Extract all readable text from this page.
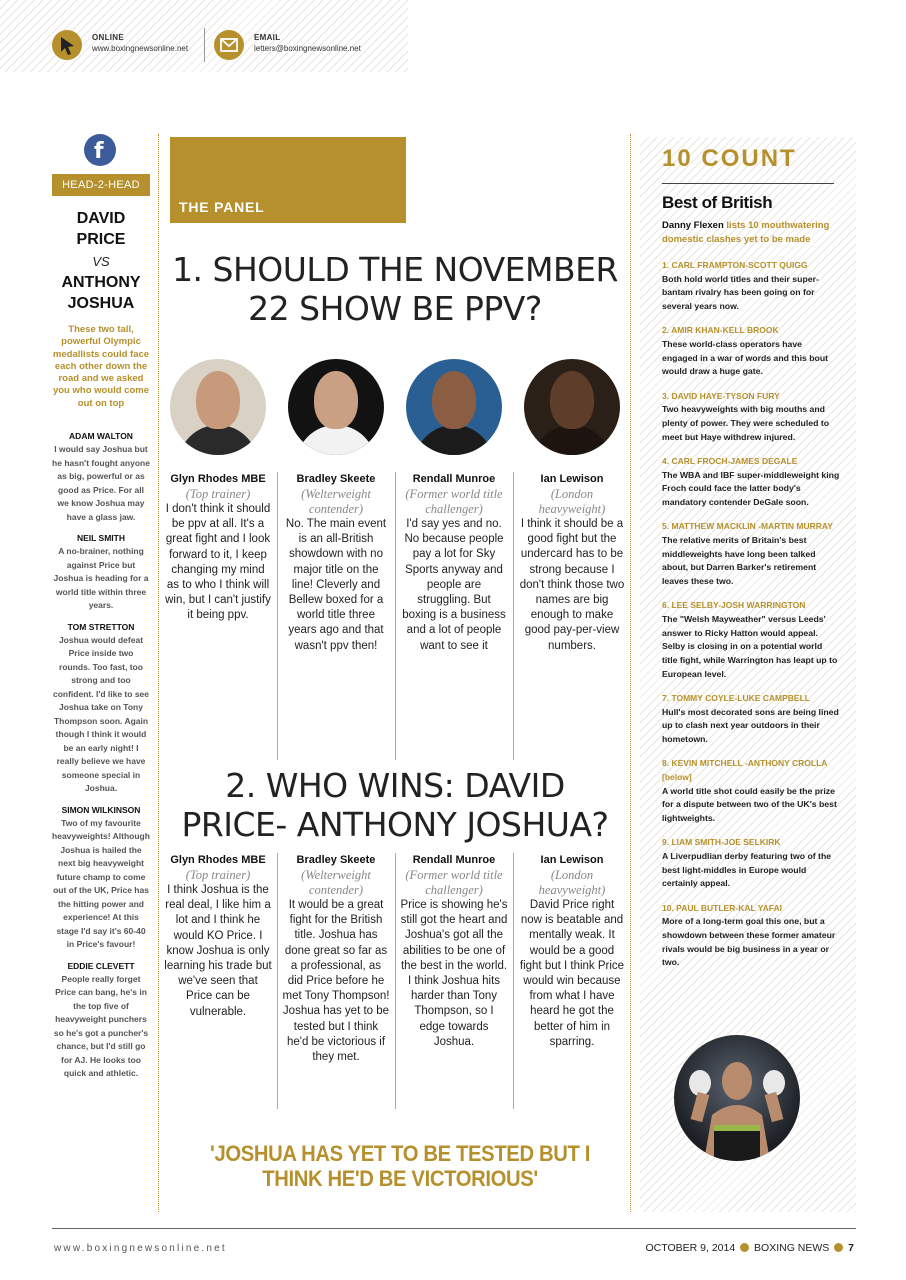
ONLINE
www.boxingnewsonline.net
EMAIL
letters@boxingnewsonline.net
f
HEAD-2-HEAD
DAVID PRICE
VS
ANTHONY JOSHUA
These two tall, powerful Olympic medallists could face each other down the road and we asked you who would come out on top
ADAM WALTON
I would say Joshua but he hasn't fought anyone as big, powerful or as good as Price. For all we know Joshua may have a glass jaw.
NEIL SMITH
A no-brainer, nothing against Price but Joshua is heading for a world title within three years.
TOM STRETTON
Joshua would defeat Price inside two rounds. Too fast, too strong and too confident. I'd like to see Joshua take on Tony Thompson soon. Again though I think it would be an early night! I really believe we have someone special in Joshua.
SIMON WILKINSON
Two of my favourite heavyweights! Although Joshua is hailed the next big heavyweight future champ to come out of the UK, Price has the hitting power and experience! At this stage I'd say it's 60-40 in Price's favour!
EDDIE CLEVETT
People really forget Price can bang, he's in the top five of heavyweight punchers so he's got a puncher's chance, but I'd still go for AJ. He looks too quick and athletic.
THE PANEL
1. SHOULD THE NOVEMBER 22 SHOW BE PPV?
Glyn Rhodes MBE
(Top trainer)
I don't think it should be ppv at all. It's a great fight and I look forward to it, I keep changing my mind as to who I think will win, but I can't justify it being ppv.
Bradley Skeete
(Welterweight contender)
No. The main event is an all-British showdown with no major title on the line! Cleverly and Bellew boxed for a world title three years ago and that wasn't ppv then!
Rendall Munroe
(Former world title challenger)
I'd say yes and no. No because people pay a lot for Sky Sports anyway and people are struggling. But boxing is a business and a lot of people want to see it
Ian Lewison
(London heavyweight)
I think it should be a good fight but the undercard has to be strong because I don't think those two names are big enough to make good pay-per-view numbers.
2. WHO WINS: DAVID PRICE- ANTHONY JOSHUA?
Glyn Rhodes MBE
(Top trainer)
I think Joshua is the real deal, I like him a lot and I think he would KO Price. I know Joshua is only learning his trade but we've seen that Price can be vulnerable.
Bradley Skeete
(Welterweight contender)
It would be a great fight for the British title. Joshua has done great so far as a professional, as did Price before he met Tony Thompson! Joshua has yet to be tested but I think he'd be victorious if they met.
Rendall Munroe
(Former world title challenger)
Price is showing he's still got the heart and Joshua's got all the abilities to be one of the best in the world. I think Joshua hits harder than Tony Thompson, so I edge towards Joshua.
Ian Lewison
(London heavyweight)
David Price right now is beatable and mentally weak. It would be a good fight but I think Price would win because from what I have heard he got the better of him in sparring.
'JOSHUA HAS YET TO BE TESTED BUT I THINK HE'D BE VICTORIOUS'
10 COUNT
Best of British
Danny Flexen lists 10 mouthwatering domestic clashes yet to be made
1. CARL FRAMPTON-SCOTT QUIGG
Both hold world titles and their super-bantam rivalry has been going on for several years now.
2. AMIR KHAN-KELL BROOK
These world-class operators have engaged in a war of words and this bout would draw a huge gate.
3. DAVID HAYE-TYSON FURY
Two heavyweights with big mouths and plenty of power. They were scheduled to meet but Haye withdrew injured.
4. CARL FROCH-JAMES DEGALE
The WBA and IBF super-middleweight king Froch could face the latter body's mandatory contender DeGale soon.
5. MATTHEW MACKLIN -MARTIN MURRAY
The relative merits of Britain's best middleweights have long been talked about, but Darren Barker's retirement leaves these two.
6. LEE SELBY-JOSH WARRINGTON
The "Welsh Mayweather" versus Leeds' answer to Ricky Hatton would appeal. Selby is closing in on a potential world title fight, while Warrington has leapt up to European level.
7. TOMMY COYLE-LUKE CAMPBELL
Hull's most decorated sons are being lined up to clash next year outdoors in their hometown.
8. KEVIN MITCHELL -ANTHONY CROLLA [below]
A world title shot could easily be the prize for a dispute between two of the UK's best lightweights.
9. LIAM SMITH-JOE SELKIRK
A Liverpudlian derby featuring two of the best light-middles in Europe would certainly appeal.
10. PAUL BUTLER-KAL YAFAI
More of a long-term goal this one, but a showdown between these former amateur rivals would be big business in a year or two.
www.boxingnewsonline.net	OCTOBER 9, 2014 BOXING NEWS 7
